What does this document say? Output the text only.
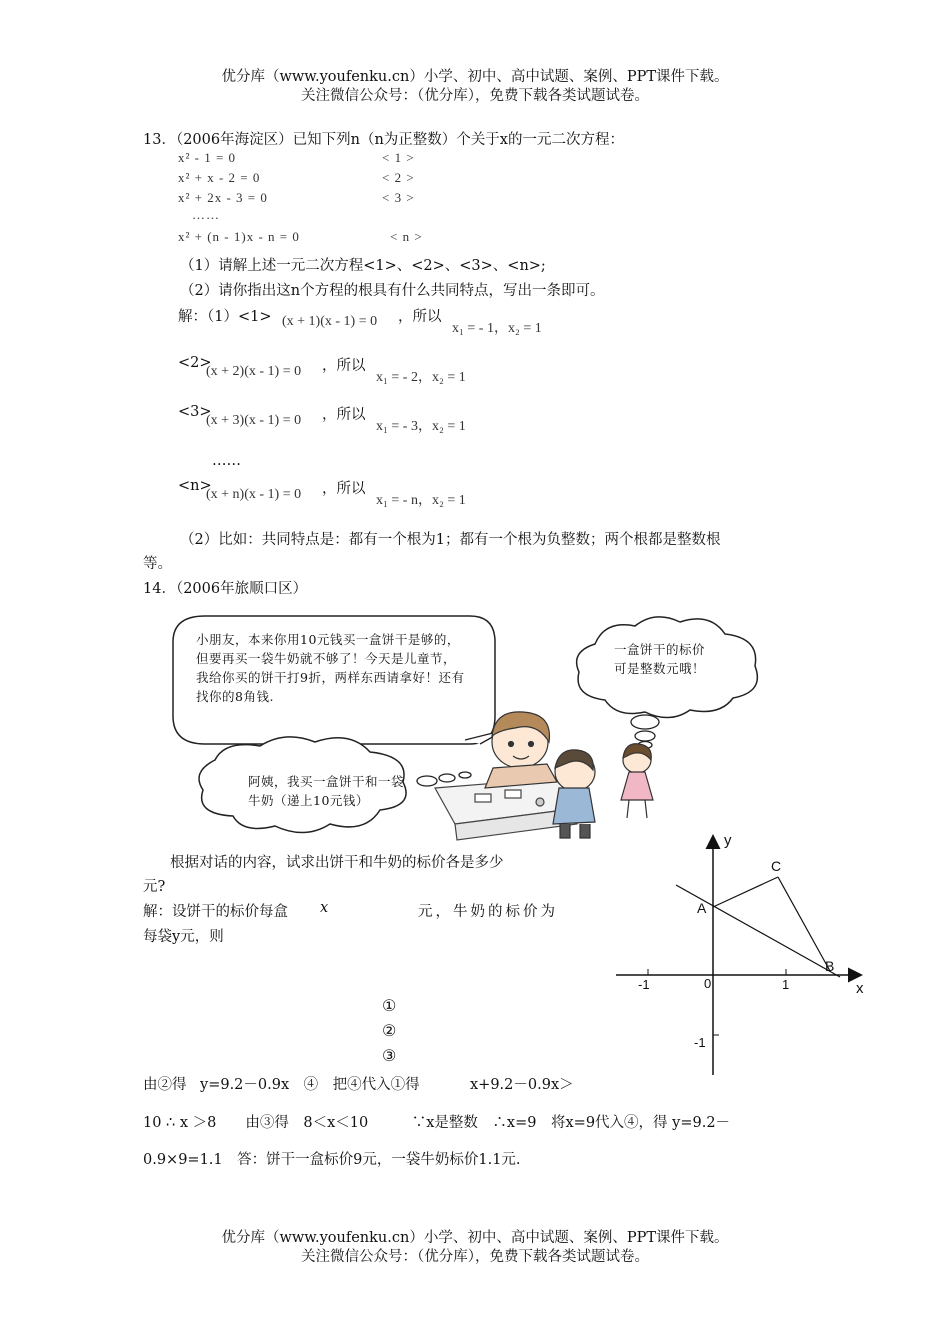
优分库（www.youfenku.cn）小学、初中、高中试题、案例、PPT课件下载。
关注微信公众号：（优分库），免费下载各类试题试卷。
13．（2006年海淀区）已知下列n（n为正整数）个关于x的一元二次方程：
x² - 1 = 0	< 1 >
x² + x - 2 = 0	< 2 >
x² + 2x - 3 = 0	< 3 >
……
x² + (n - 1)x - n = 0	< n >
（1）请解上述一元二次方程<1>、<2>、<3>、<n>;
（2）请你指出这n个方程的根具有什么共同特点，写出一条即可。
解：（1）<1> (x + 1)(x - 1) = 0 ，所以
x₁ = - 1，x₂ = 1
<2>
(x + 2)(x - 1) = 0 ，所以
x₁ = - 2，x₂ = 1
<3>
(x + 3)(x - 1) = 0 ，所以
x₁ = - 3，x₂ = 1
……
<n>
(x + n)(x - 1) = 0 ，所以
x₁ = - n，x₂ = 1
（2）比如：共同特点是：都有一个根为1；都有一个根为负整数；两个根都是整数根
等。
14．（2006年旅顺口区）
小朋友，本来你用10元钱买一盒饼干是够的，但要再买一袋牛奶就不够了！今天是儿童节，我给你买的饼干打9折，两样东西请拿好！还有找你的8角钱.
一盒饼干的标价可是整数元哦！
阿姨，我买一盒饼干和一袋牛奶（递上10元钱）
y
x
0
-1	1
-1
A
B
C
根据对话的内容，试求出饼干和牛奶的标价各是多少
元?
解：设饼干的标价每盒 x	元，牛奶的标价为
每袋y元，则
①
②
③
由②得 y=9.2－0.9x　④　把④代入①得	x+9.2－0.9x＞
10 ∴ x ＞8　　由③得　8＜x＜10　　　∵x是整数　∴x=9　将x=9代入④，得 y=9.2－
0.9×9=1.1　答：饼干一盒标价9元，一袋牛奶标价1.1元.
优分库（www.youfenku.cn）小学、初中、高中试题、案例、PPT课件下载。
关注微信公众号：（优分库），免费下载各类试题试卷。
